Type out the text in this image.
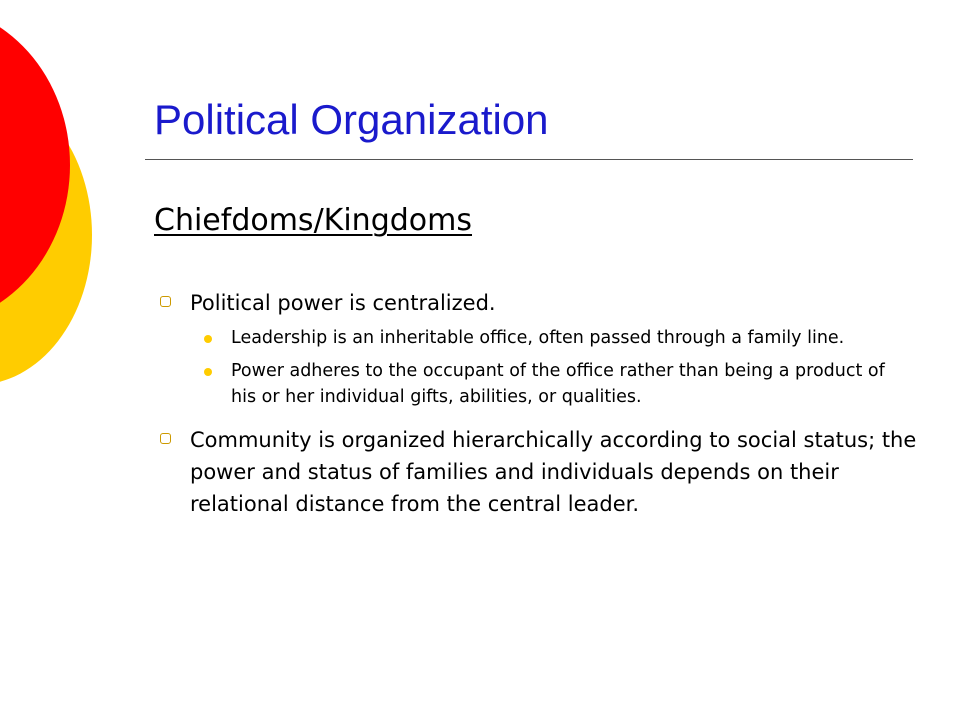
Political Organization
Chiefdoms/Kingdoms
Political power is centralized.
Leadership is an inheritable office, often passed through a family line.
Power adheres to the occupant of the office rather than being a product of his or her individual gifts, abilities, or qualities.
Community is organized hierarchically according to social status; the power and status of families and individuals depends on their relational distance from the central leader.
